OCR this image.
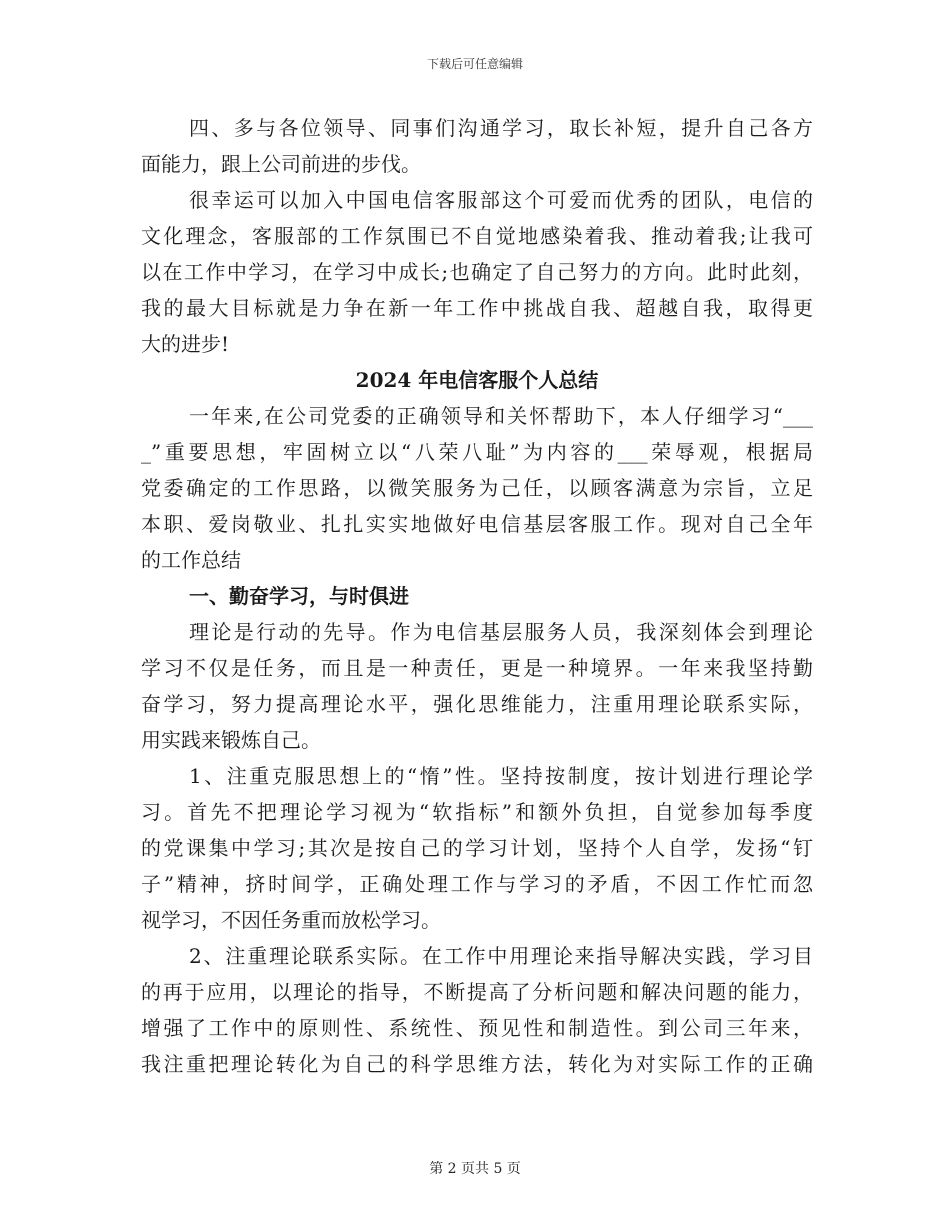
下载后可任意编辑
四、多与各位领导、同事们沟通学习，取长补短，提升自己各方
面能力，跟上公司前进的步伐。
很幸运可以加入中国电信客服部这个可爱而优秀的团队，电信的
文化理念，客服部的工作氛围已不自觉地感染着我、推动着我;让我可
以在工作中学习，在学习中成长;也确定了自己努力的方向。此时此刻，
我的最大目标就是力争在新一年工作中挑战自我、超越自我，取得更
大的进步!
2024 年电信客服个人总结
一年来,在公司党委的正确领导和关怀帮助下，本人仔细学习“___
_”重要思想，牢固树立以“八荣八耻”为内容的___荣辱观，根据局
党委确定的工作思路，以微笑服务为己任，以顾客满意为宗旨，立足
本职、爱岗敬业、扎扎实实地做好电信基层客服工作。现对自己全年
的工作总结
一、勤奋学习，与时俱进
理论是行动的先导。作为电信基层服务人员，我深刻体会到理论
学习不仅是任务，而且是一种责任，更是一种境界。一年来我坚持勤
奋学习，努力提高理论水平，强化思维能力，注重用理论联系实际，
用实践来锻炼自己。
1、注重克服思想上的“惰”性。坚持按制度，按计划进行理论学
习。首先不把理论学习视为“软指标”和额外负担，自觉参加每季度
的党课集中学习;其次是按自己的学习计划，坚持个人自学，发扬“钉
子”精神，挤时间学，正确处理工作与学习的矛盾，不因工作忙而忽
视学习，不因任务重而放松学习。
2、注重理论联系实际。在工作中用理论来指导解决实践，学习目
的再于应用，以理论的指导，不断提高了分析问题和解决问题的能力，
增强了工作中的原则性、系统性、预见性和制造性。到公司三年来，
我注重把理论转化为自己的科学思维方法，转化为对实际工作的正确
第 2 页共 5 页
